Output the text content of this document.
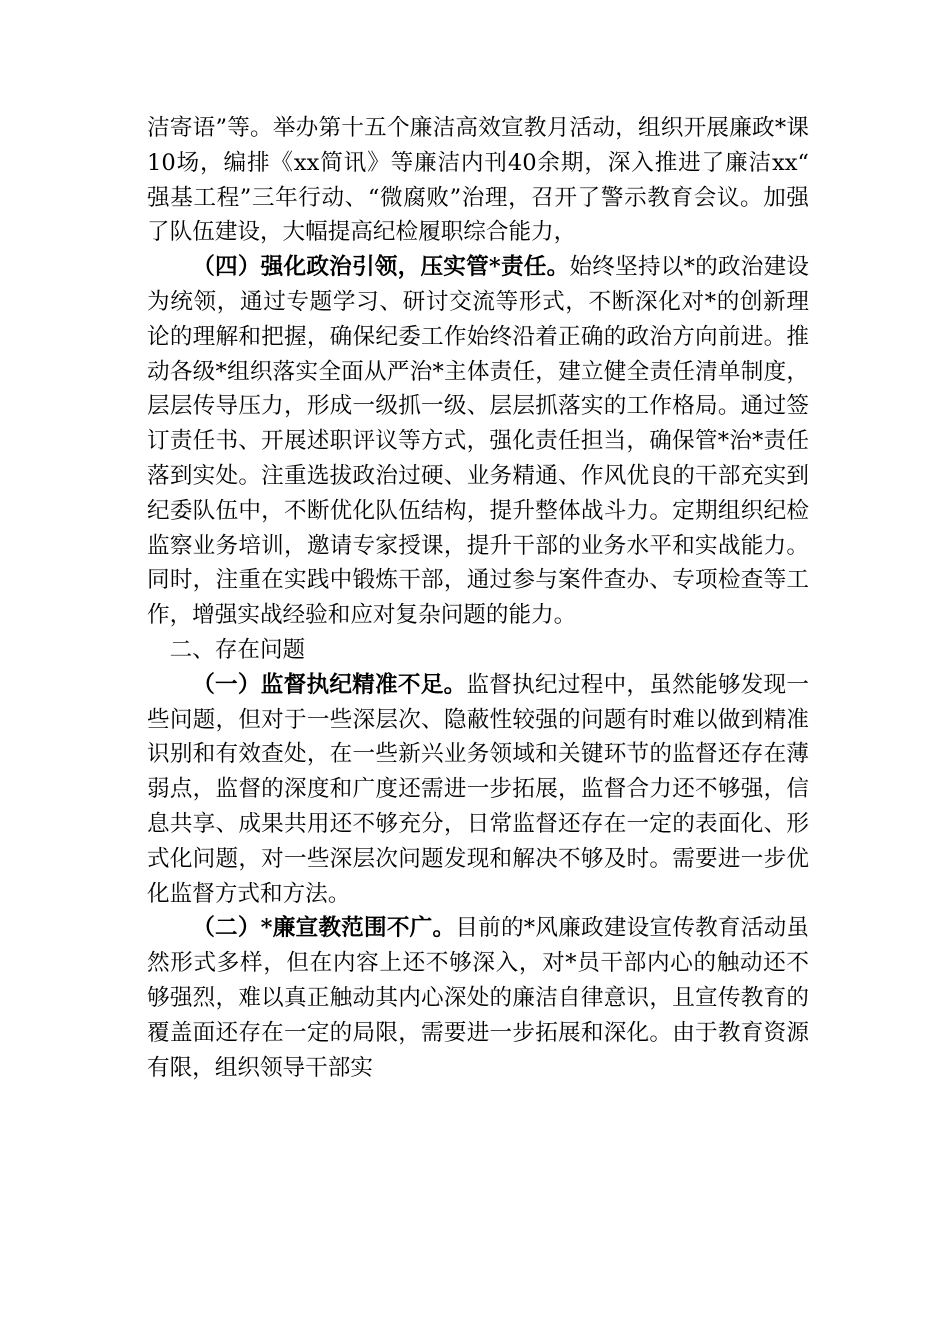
洁寄语”等。举办第十五个廉洁高效宣教月活动，组织开展廉政*课10场，编排《xx简讯》等廉洁内刊40余期，深入推进了廉洁xx“强基工程”三年行动、“微腐败”治理，召开了警示教育会议。加强了队伍建设，大幅提高纪检履职综合能力，

（四）强化政治引领，压实管*责任。始终坚持以*的政治建设为统领，通过专题学习、研讨交流等形式，不断深化对*的创新理论的理解和把握，确保纪委工作始终沿着正确的政治方向前进。推动各级*组织落实全面从严治*主体责任，建立健全责任清单制度，层层传导压力，形成一级抓一级、层层抓落实的工作格局。通过签订责任书、开展述职评议等方式，强化责任担当，确保管*治*责任落到实处。注重选拔政治过硬、业务精通、作风优良的干部充实到纪委队伍中，不断优化队伍结构，提升整体战斗力。定期组织纪检监察业务培训，邀请专家授课，提升干部的业务水平和实战能力。同时，注重在实践中锻炼干部，通过参与案件查办、专项检查等工作，增强实战经验和应对复杂问题的能力。

二、存在问题

（一）监督执纪精准不足。监督执纪过程中，虽然能够发现一些问题，但对于一些深层次、隐蔽性较强的问题有时难以做到精准识别和有效查处，在一些新兴业务领域和关键环节的监督还存在薄弱点，监督的深度和广度还需进一步拓展，监督合力还不够强，信息共享、成果共用还不够充分，日常监督还存在一定的表面化、形式化问题，对一些深层次问题发现和解决不够及时。需要进一步优化监督方式和方法。

（二）*廉宣教范围不广。目前的*风廉政建设宣传教育活动虽然形式多样，但在内容上还不够深入，对*员干部内心的触动还不够强烈，难以真正触动其内心深处的廉洁自律意识，且宣传教育的覆盖面还存在一定的局限，需要进一步拓展和深化。由于教育资源有限，组织领导干部实
